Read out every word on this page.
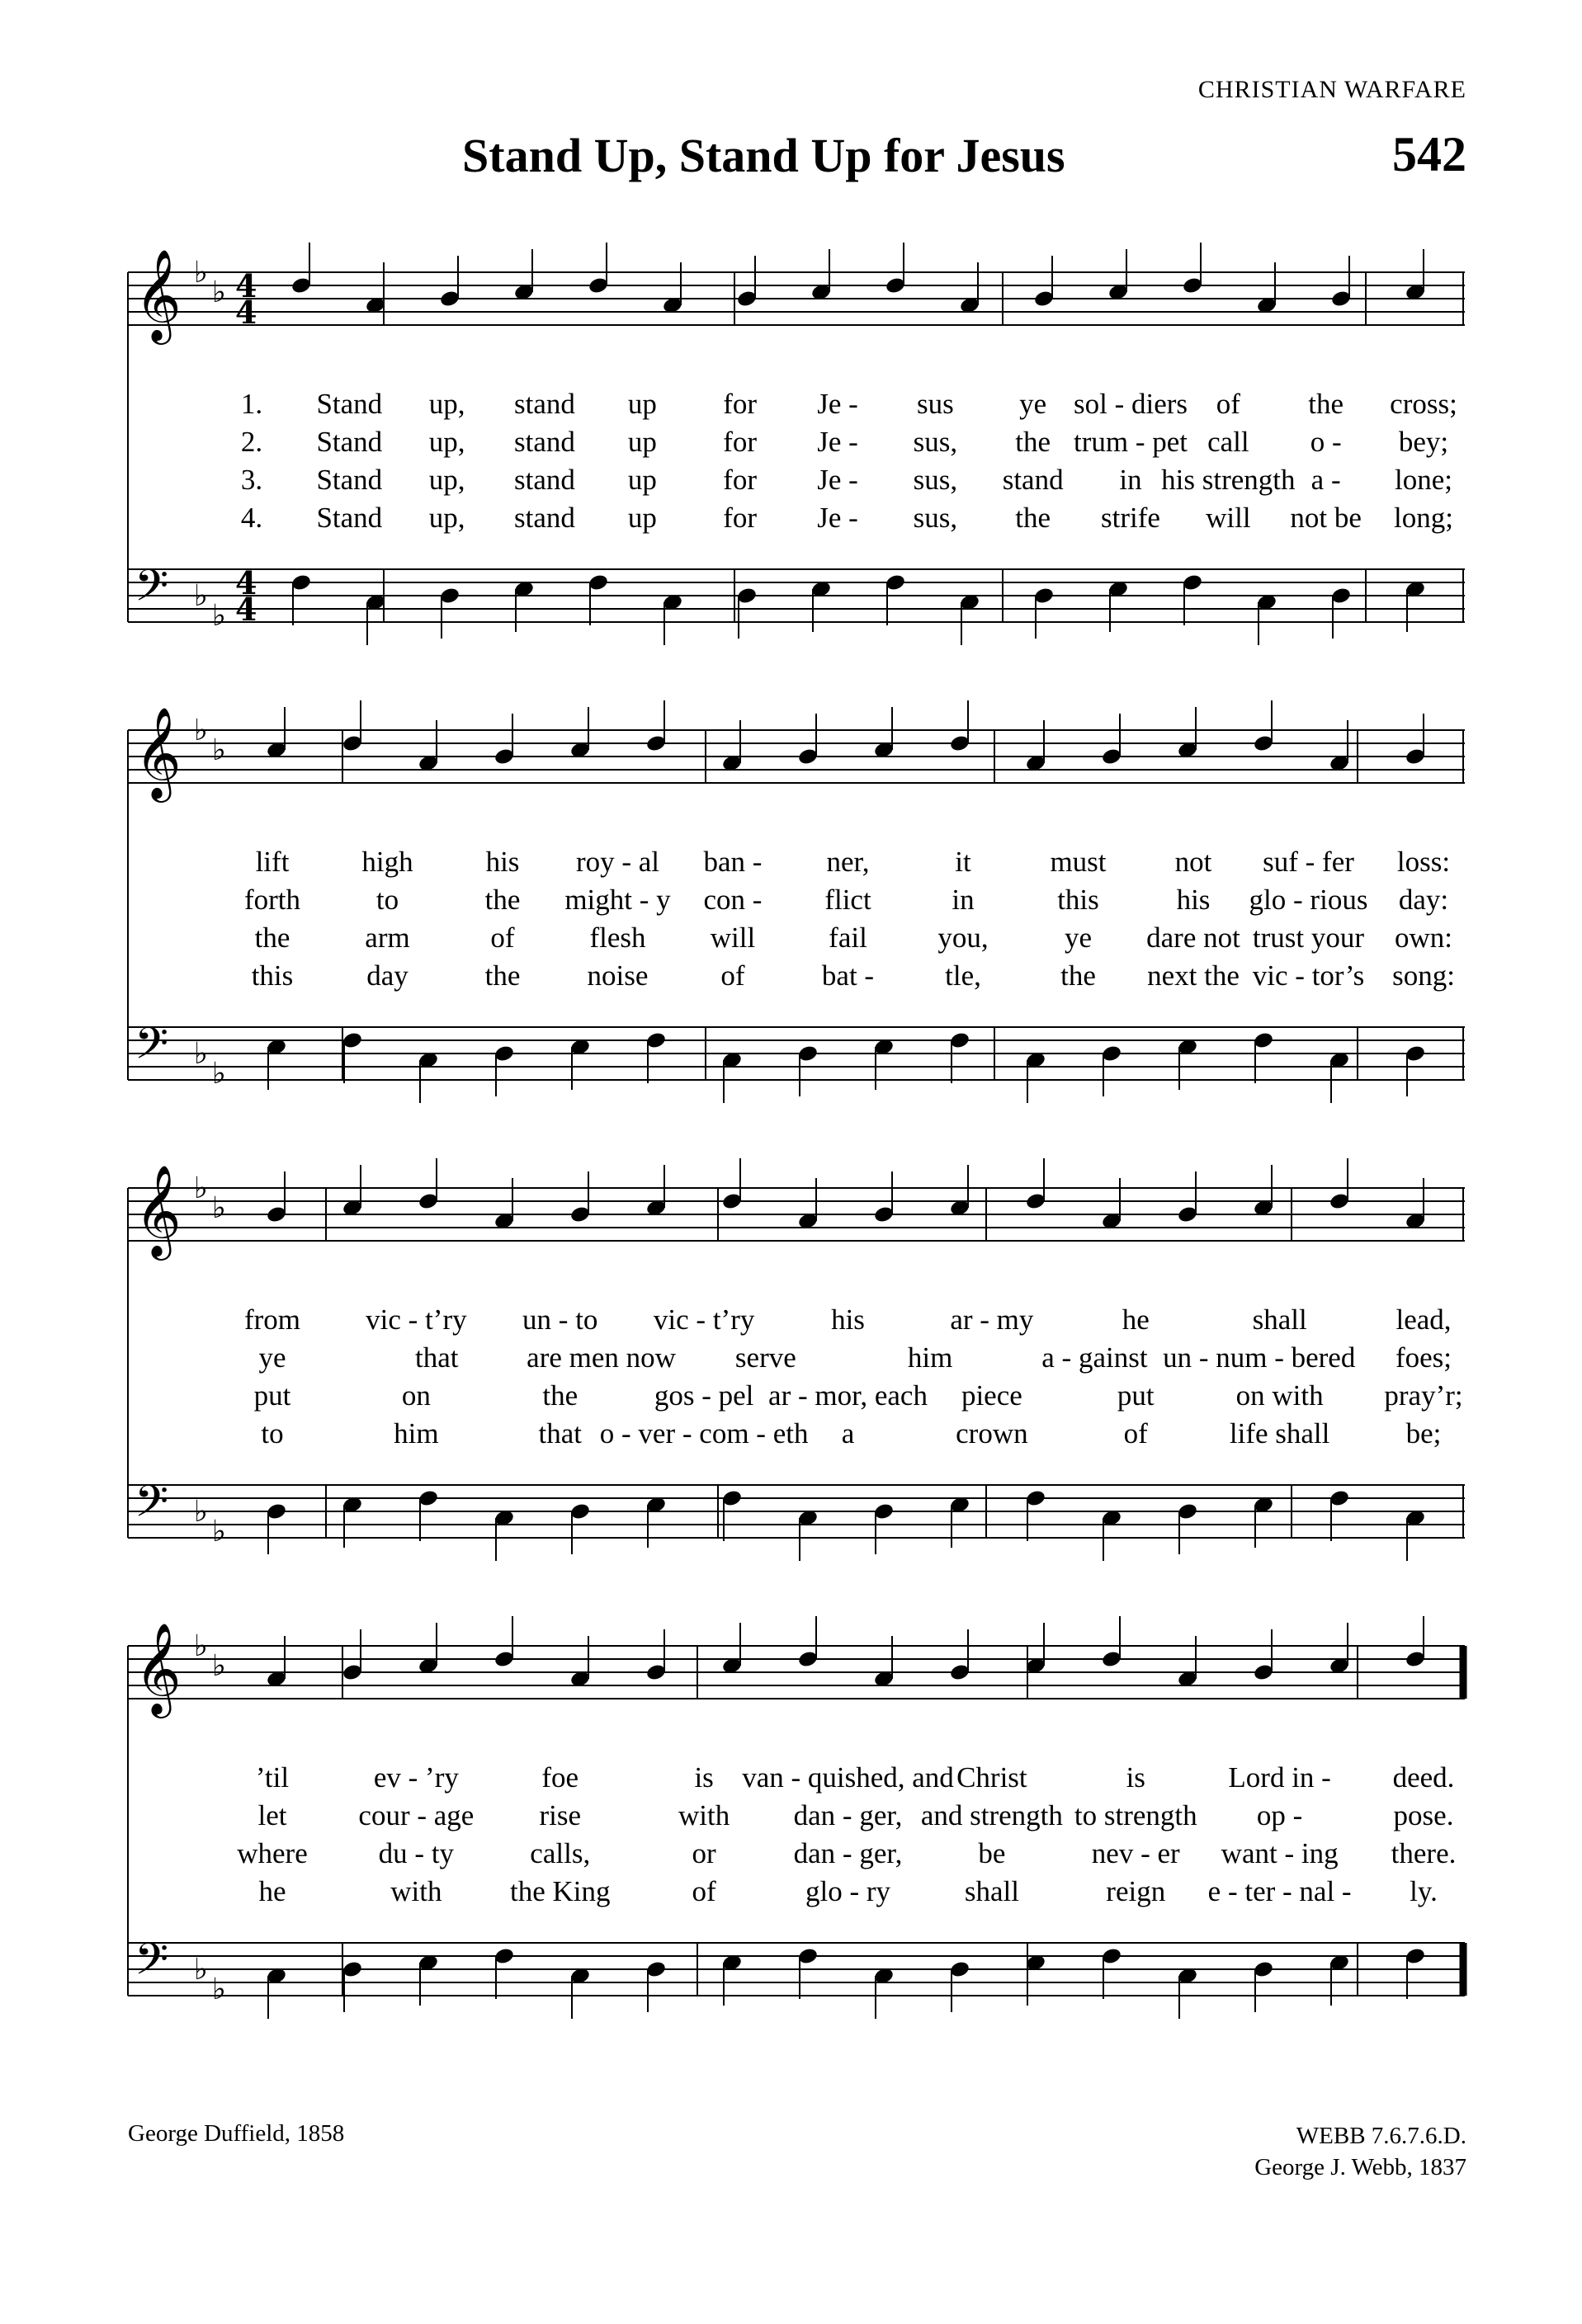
CHRISTIAN WARFARE
Stand Up, Stand Up for Jesus	542
𝄞 ♭
♭ 4
4
𝄢 ♭
♭
4
4
1. Stand up, stand up for Je - sus ye sol - diers of the cross;
2. Stand up, stand up for Je - sus, the trum - pet call o - bey;
3. Stand up, stand up for Je - sus, stand in his strength a - lone;
4. Stand up, stand up for Je - sus, the strife will not be long;
𝄞 ♭
♭
𝄢 ♭
♭
lift	high	his roy - al ban - ner,	it	must not suf - fer loss:
forth	to	the might - y con - flict	in	this	his glo - rious day:
the	arm	of	flesh will	fail you,	ye dare not trust your own:
this	day	the noise	of	bat - tle,	the next the vic - tor’s song:
𝄞 ♭
♭
𝄢 ♭
♭
from vic - t’ry un - to vic - t’ry	his	ar - my	he	shall	lead,
ye	that are men now serve	him	a - gainst un - num - bered foes;
put	on	the	gos - pel ar - mor, each piece	put	on with pray’r;
to	him	that o - ver - com - eth a	crown	of	life shall	be;
𝄞 ♭
♭
𝄢 ♭
♭
’til	ev - ’ry	foe	is van - quished, and Christ	is	Lord in - deed.
let cour - age rise	with dan - ger, and strength to strength op -	pose.
where du - ty	calls,	or	dan - ger,	be	nev - er want - ing there.
he	with the King	of	glo - ry	shall	reign e - ter - nal - ly.
George Duffield, 1858	WEBB 7.6.7.6.D.
George J. Webb, 1837
